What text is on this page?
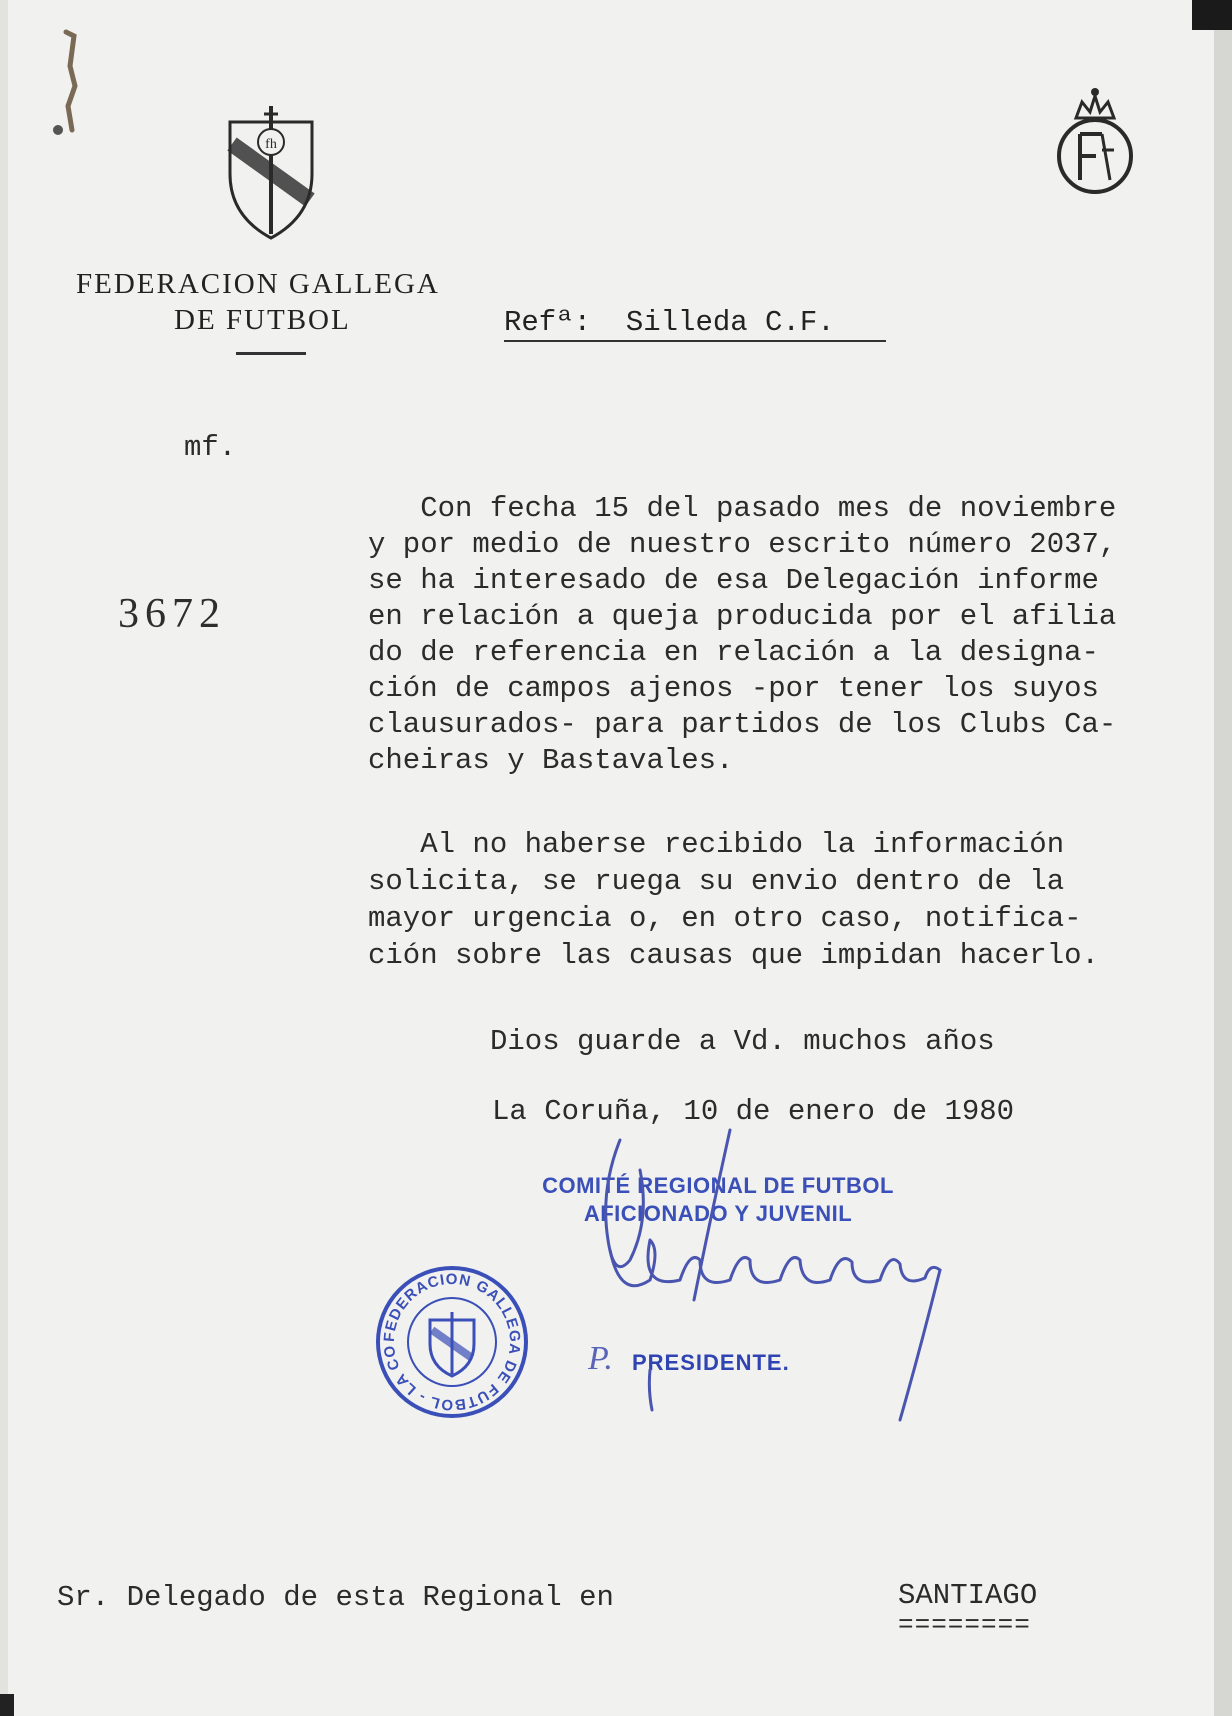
fh
FEDERACION GALLEGA
DE FUTBOL	Refª: Silleda C.F.
mf.
3672
Con fecha 15 del pasado mes de noviembre
y por medio de nuestro escrito número 2037,
se ha interesado de esa Delegación informe
en relación a queja producida por el afilia
do de referencia en relación a la designa-
ción de campos ajenos -por tener los suyos
clausurados- para partidos de los Clubs Ca-
cheiras y Bastavales.
Al no haberse recibido la información
solicita, se ruega su envio dentro de la
mayor urgencia o, en otro caso, notifica-
ción sobre las causas que impidan hacerlo.
Dios guarde a Vd. muchos años
La Coruña, 10 de enero de 1980
COMITÉ REGIONAL DE FUTBOL
AFICIONADO Y JUVENIL
P. PRESIDENTE.
FEDERACION GALLEGA DE FUTBOL - LA CORUÑA -
Sr. Delegado de esta Regional en	SANTIAGO
========
